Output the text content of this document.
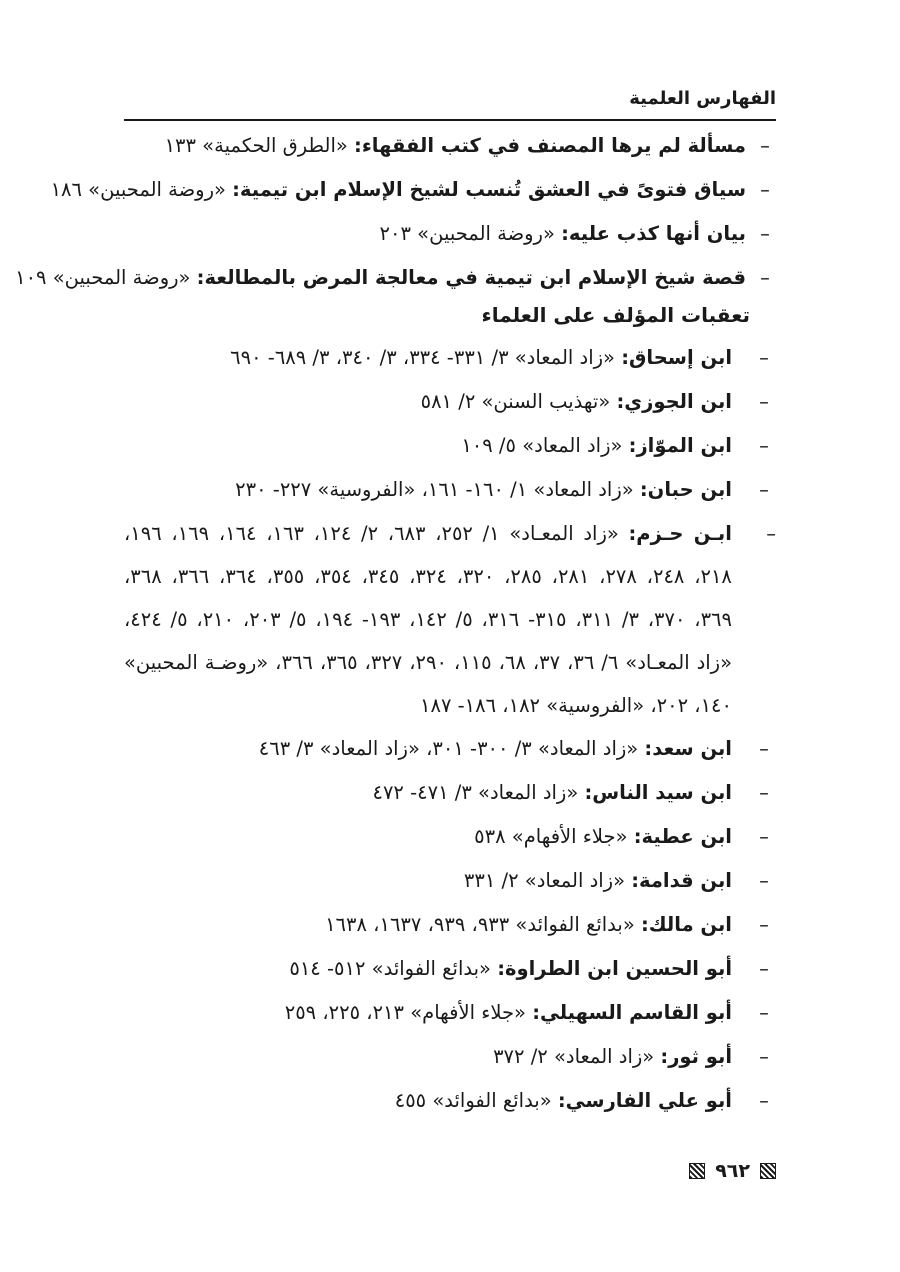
الفهارس العلمية
–
مسألة لم يرها المصنف في كتب الفقهاء: «الطرق الحكمية» ١٣٣
–
سياق فتوىً في العشق تُنسب لشيخ الإسلام ابن تيمية: «روضة المحبين» ١٨٦
–
بيان أنها كذب عليه: «روضة المحبين» ٢٠٣
–
قصة شيخ الإسلام ابن تيمية في معالجة المرض بالمطالعة: «روضة المحبين» ١٠٩
تعقبات المؤلف على العلماء
–
ابن إسحاق: «زاد المعاد» ٣/ ٣٣١- ٣٣٤، ٣/ ٣٤٠، ٣/ ٦٨٩- ٦٩٠
–
ابن الجوزي: «تهذيب السنن» ٢/ ٥٨١
–
ابن الموّاز: «زاد المعاد» ٥/ ١٠٩
–
ابن حبان: «زاد المعاد» ١/ ١٦٠- ١٦١، «الفروسية» ٢٢٧- ٢٣٠
–
ابـن حـزم: «زاد المعـاد» ١/ ٢٥٢، ٦٨٣، ٢/ ١٢٤، ١٦٣، ١٦٤، ١٦٩، ١٩٦، ٢١٨، ٢٤٨، ٢٧٨، ٢٨١، ٢٨٥، ٣٢٠، ٣٢٤، ٣٤٥، ٣٥٤، ٣٥٥، ٣٦٤، ٣٦٦، ٣٦٨، ٣٦٩، ٣٧٠، ٣/ ٣١١، ٣١٥- ٣١٦، ٥/ ١٤٢، ١٩٣- ١٩٤، ٥/ ٢٠٣، ٢١٠، ٥/ ٤٢٤، «زاد المعـاد» ٦/ ٣٦، ٣٧، ٦٨، ١١٥، ٢٩٠، ٣٢٧، ٣٦٥، ٣٦٦، «روضـة المحبين» ١٤٠، ٢٠٢، «الفروسية» ١٨٢، ١٨٦- ١٨٧
–
ابن سعد: «زاد المعاد» ٣/ ٣٠٠- ٣٠١، «زاد المعاد» ٣/ ٤٦٣
–
ابن سيد الناس: «زاد المعاد» ٣/ ٤٧١- ٤٧٢
–
ابن عطية: «جلاء الأفهام» ٥٣٨
–
ابن قدامة: «زاد المعاد» ٢/ ٣٣١
–
ابن مالك: «بدائع الفوائد» ٩٣٣، ٩٣٩، ١٦٣٧، ١٦٣٨
–
أبو الحسين ابن الطراوة: «بدائع الفوائد» ٥١٢- ٥١٤
–
أبو القاسم السهيلي: «جلاء الأفهام» ٢١٣، ٢٢٥، ٢٥٩
–
أبو ثور: «زاد المعاد» ٢/ ٣٧٢
–
أبو علي الفارسي: «بدائع الفوائد» ٤٥٥
٩٦٢
